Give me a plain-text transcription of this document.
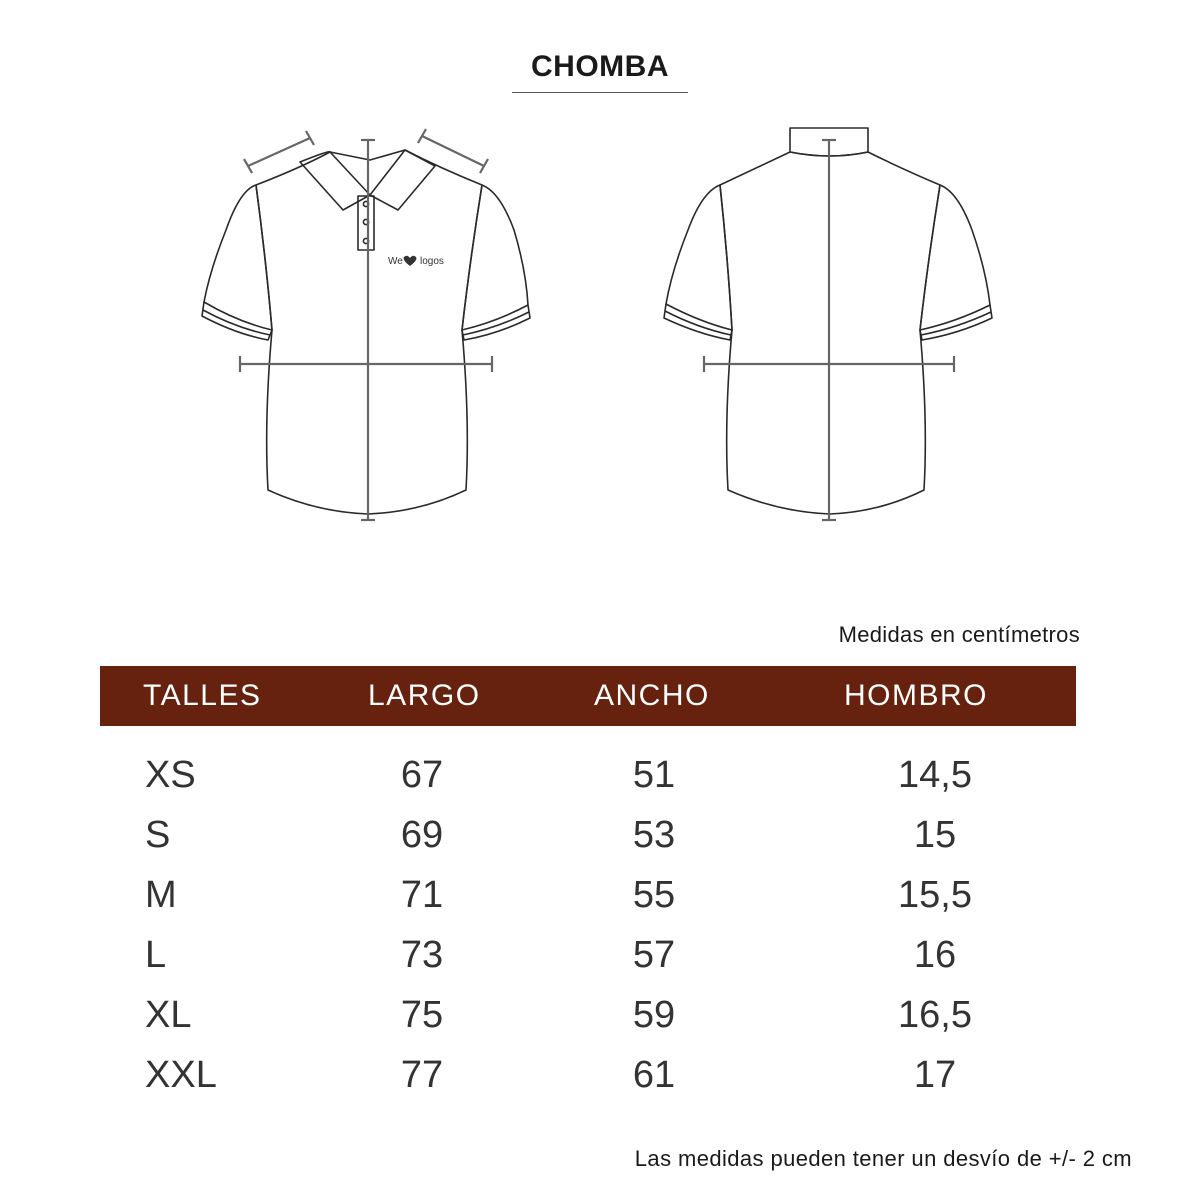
CHOMBA
We logos
Medidas en centímetros
TALLES	LARGO	ANCHO	HOMBRO
XS	67	51	14,5
S	69	53	15
M	71	55	15,5
L	73	57	16
XL	75	59	16,5
XXL	77	61	17
Las medidas pueden tener un desvío de +/- 2 cm
